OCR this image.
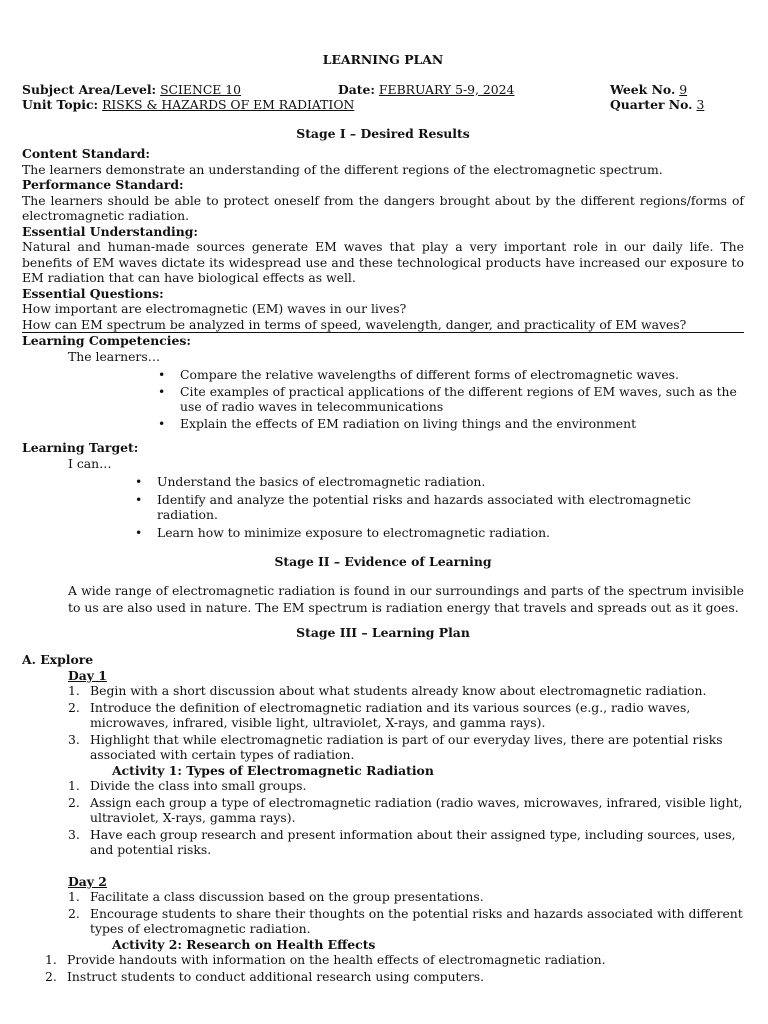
LEARNING PLAN
Subject Area/Level: SCIENCE 10	Date: FEBRUARY 5-9, 2024	Week No. 9
Unit Topic: RISKS & HAZARDS OF EM RADIATION	Quarter No. 3
Stage I – Desired Results
Content Standard:
The learners demonstrate an understanding of the different regions of the electromagnetic spectrum.
Performance Standard:
The learners should be able to protect oneself from the dangers brought about by the different regions/forms of electromagnetic radiation.
Essential Understanding:
Natural and human-made sources generate EM waves that play a very important role in our daily life. The benefits of EM waves dictate its widespread use and these technological products have increased our exposure to EM radiation that can have biological effects as well.
Essential Questions:
How important are electromagnetic (EM) waves in our lives?
How can EM spectrum be analyzed in terms of speed, wavelength, danger, and practicality of EM waves?
Learning Competencies:
The learners…
• Compare the relative wavelengths of different forms of electromagnetic waves.
• Cite examples of practical applications of the different regions of EM waves, such as the use of radio waves in telecommunications
• Explain the effects of EM radiation on living things and the environment
Learning Target:
I can…
• Understand the basics of electromagnetic radiation.
• Identify and analyze the potential risks and hazards associated with electromagnetic radiation.
• Learn how to minimize exposure to electromagnetic radiation.
Stage II – Evidence of Learning
A wide range of electromagnetic radiation is found in our surroundings and parts of the spectrum invisible to us are also used in nature. The EM spectrum is radiation energy that travels and spreads out as it goes.
Stage III – Learning Plan
A. Explore
Day 1
1. Begin with a short discussion about what students already know about electromagnetic radiation.
2. Introduce the definition of electromagnetic radiation and its various sources (e.g., radio waves, microwaves, infrared, visible light, ultraviolet, X-rays, and gamma rays).
3. Highlight that while electromagnetic radiation is part of our everyday lives, there are potential risks associated with certain types of radiation.
Activity 1: Types of Electromagnetic Radiation
1. Divide the class into small groups.
2. Assign each group a type of electromagnetic radiation (radio waves, microwaves, infrared, visible light, ultraviolet, X-rays, gamma rays).
3. Have each group research and present information about their assigned type, including sources, uses, and potential risks.
Day 2
1. Facilitate a class discussion based on the group presentations.
2. Encourage students to share their thoughts on the potential risks and hazards associated with different types of electromagnetic radiation.
Activity 2: Research on Health Effects
1. Provide handouts with information on the health effects of electromagnetic radiation.
2. Instruct students to conduct additional research using computers.
